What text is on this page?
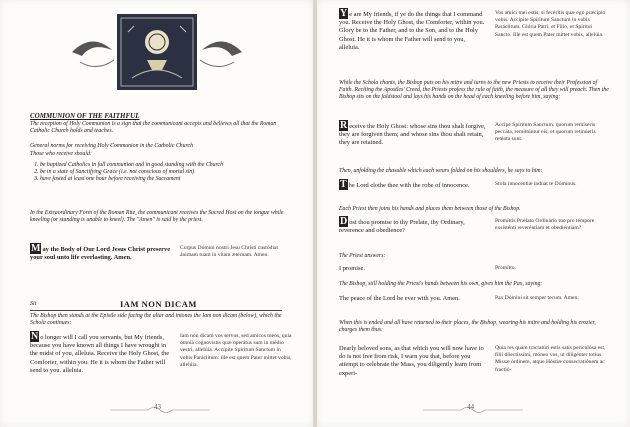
COMMUNION OF THE FAITHFUL
The reception of Holy Communion is a sign that the communicant accepts and believes all that the Roman Catholic Church holds and teaches.
General norms for receiving Holy Communion in the Catholic Church
Those who receive should:
1. be baptized Catholics in full communion and in good standing with the Church
2. be in a state of Sanctifying Grace (i.e. not conscious of mortal sin)
3. have fasted at least one hour before receiving the Sacrament
In the Extraordinary Form of the Roman Rite, the communicant receives the Sacred Host on the tongue while kneeling (or standing is unable to kneel). The "Amen" is said by the priest.
M ay the Body of Our Lord Jesus Christ preserve your soul unto life everlasting. Amen.
Corpus Dómini nostri Jesu Christi custódiat ánimam tuam in vitam ætérnam. Amen.
Sit	IAM NON DICAM
The Bishop then stands at the Epistle side facing the altar and intones the Iam non dicam (below), which the Schola continues:
N o longer will I call you servants, but My friends, because you have known all things I have wrought in the midst of you, alleluia. Receive the Holy Ghost, the Comforter, within you. He it is whom the Father will send to you. alleluia.
Iam non dicam vos servos, sed amícos meos, quia ómnia cognovístis quæ operátus sum in médio vestri, allelúia. Accípite Spíritum Sanctum in vobis Paráclitum: ille est quem Pater mittet vobis, allelúia.
43
Y e are My friends, if ye do the things that I command you. Receive the Holy Ghost, the Comforter, within you. Glory be to the Father, and to the Son, and to the Holy Ghost. He it is whom the Father will send to you, alleluia.
Vos amíci mei estis, si fecéritis quæ ego præcípio vobis. Accípite Spíritum Sanctum in vobis Paráclitum. Glória Patri, et Fílio, et Spirítui Sancto. Ille est quem Pater mittet vobis, allelúia.
While the Schola chants, the Bishop puts on his mitre and turns to the new Priests to receive their Profession of Faith. Reciting the Apostles' Creed, the Priests profess the rule of faith, the measure of all they will preach. Then the Bishop sits on the faldstool and lays his hands on the head of each kneeling before him, saying:
R eceive the Holy Ghost: whose sins thou shalt forgive, they are forgiven them; and whose sins thou shalt retain, they are retained.
Accipe Spíritum Sanctum: quorum remíseris peccáta, remittúntur eis; et quorum retinúeris reténta sunt.
Then, unfolding the chasuble which each wears folded on his shoulders, he says to him:
T he Lord clothe thee with the robe of innocence.	Stola innocéntiæ índuat te Dóminus.
Each Priest then joins his hands and places them between those of the Bishop.
D ost thou promise to thy Prelate, thy Ordinary, reverence and obedience?
Promíttis Prælato Ordinário tuo pro témpore exsisténti reveréntiam et obediéntiam?
The Priest answers:
I promise.	Promítto.
The Bishop, still holding the Priest's hands between his own, gives him the Pax, saying:
The peace of the Lord be ever with you. Amen.	Pax Dómini sit semper tecum. Amen.
When this is ended and all have returned to their places, the Bishop, wearing his mitre and holding his crozier, charges them thus:
Dearly beloved sons, as that which you will now have to do is not free from risk, I warn you that, before you attempt to celebrate the Mass, you diligently learn from experi-
Quia res quam tractatúri estis satis periculósa est, fílii dilectíssimi, móneo vos, ut diligénter totíus Missæ órdinem, atque Hóstiæ consecratiónem ac fractió-
44
